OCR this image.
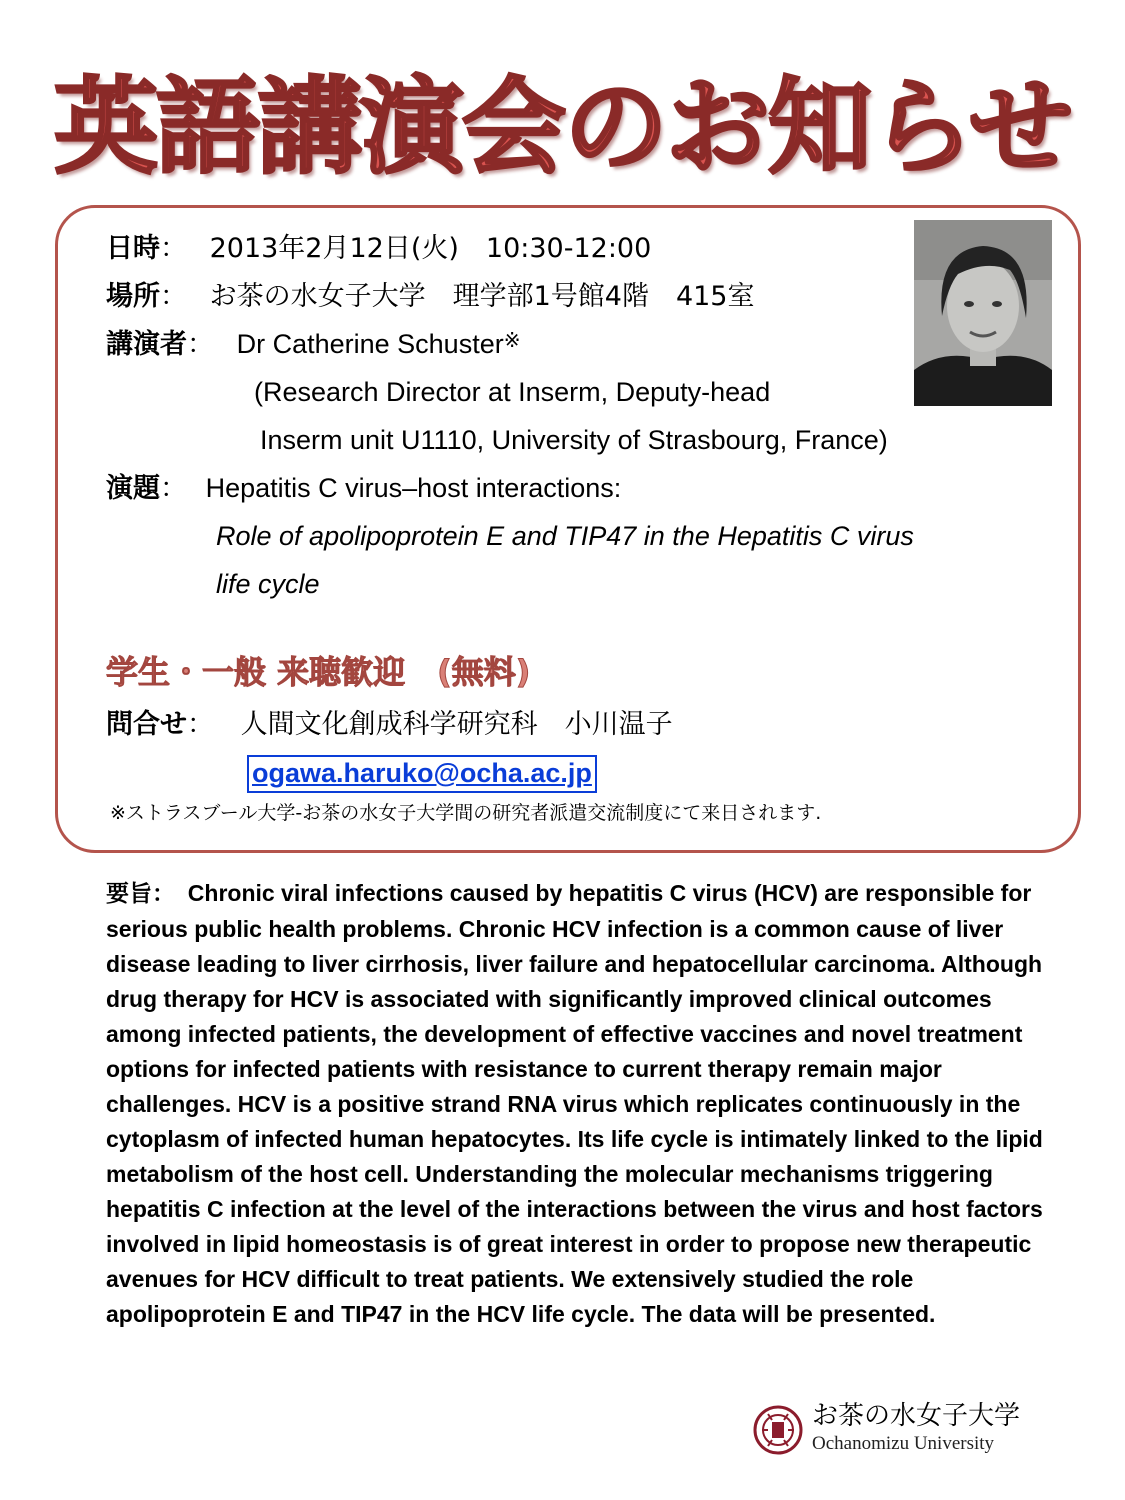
英語講演会のお知らせ
日時： 2013年2月12日(火)　10:30-12:00
場所： お茶の水女子大学　理学部1号館4階　415室
講演者： Dr Catherine Schuster※
(Research Director at Inserm, Deputy-head
Inserm unit U1110, University of Strasbourg, France)
演題： Hepatitis C virus–host interactions:
Role of apolipoprotein E and TIP47 in the Hepatitis C virus
life cycle
学生・一般 来聴歓迎　(無料)
問合せ： 人間文化創成科学研究科　小川温子
ogawa.haruko@ocha.ac.jp
※ストラスブール大学-お茶の水女子大学間の研究者派遣交流制度にて来日されます.
要旨： Chronic viral infections caused by hepatitis C virus (HCV) are responsible for serious public health problems. Chronic HCV infection is a common cause of liver disease leading to liver cirrhosis, liver failure and hepatocellular carcinoma. Although drug therapy for HCV is associated with significantly improved clinical outcomes among infected patients, the development of effective vaccines and novel treatment options for infected patients with resistance to current therapy remain major challenges. HCV is a positive strand RNA virus which replicates continuously in the cytoplasm of infected human hepatocytes. Its life cycle is intimately linked to the lipid metabolism of the host cell. Understanding the molecular mechanisms triggering hepatitis C infection at the level of the interactions between the virus and host factors involved in lipid homeostasis is of great interest in order to propose new therapeutic avenues for HCV difficult to treat patients. We extensively studied the role apolipoprotein E and TIP47 in the HCV life cycle. The data will be presented.
お茶の水女子大学
Ochanomizu University
